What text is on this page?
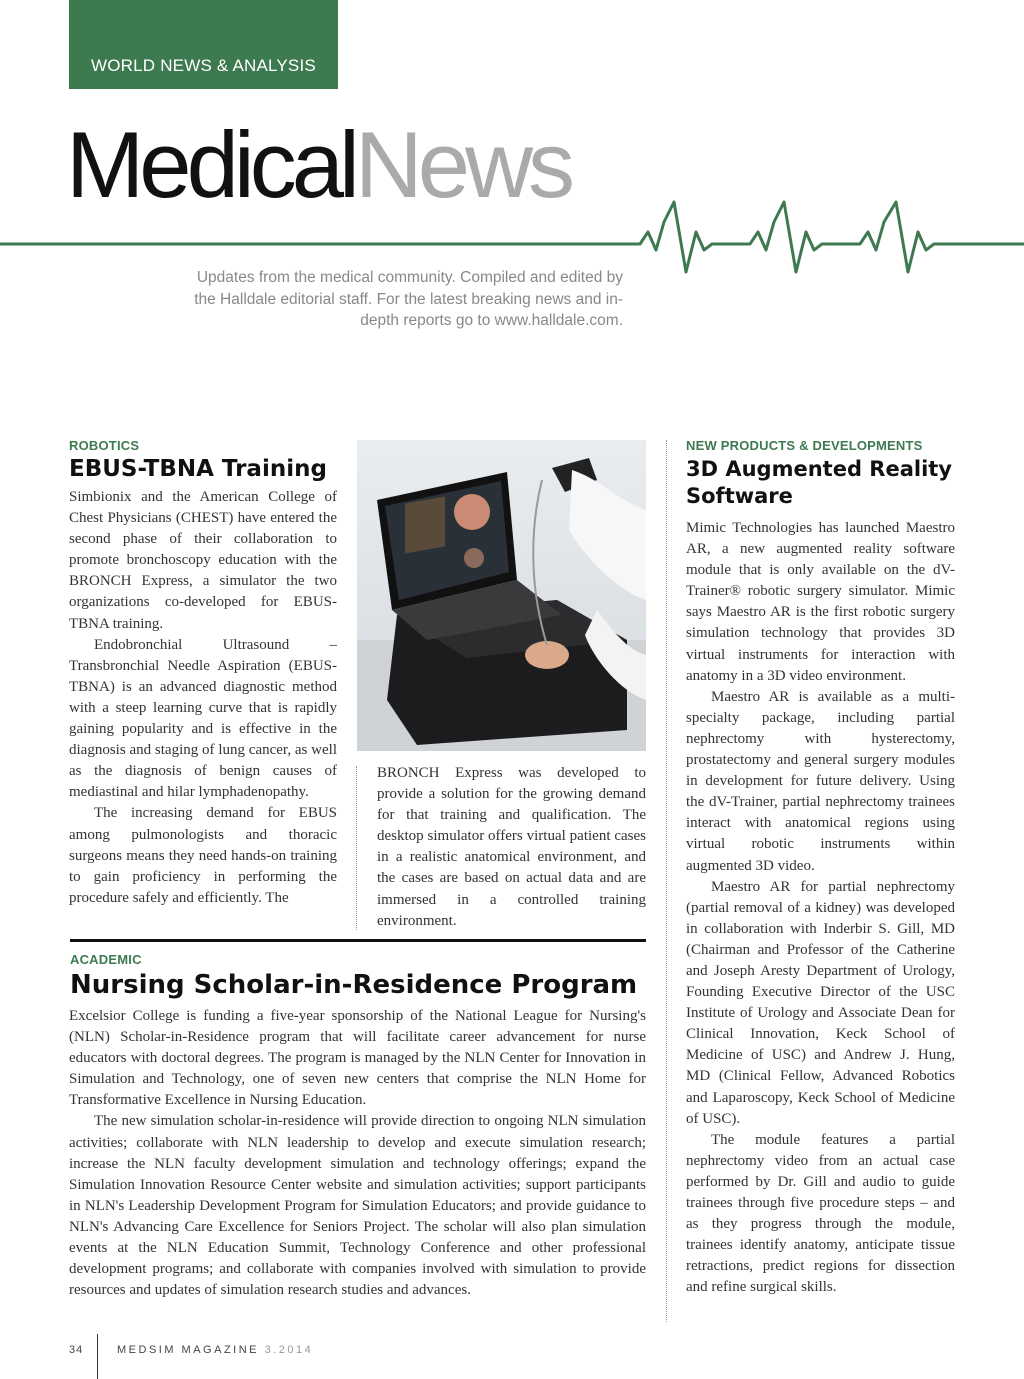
WORLD NEWS & ANALYSIS
MedicalNews
Updates from the medical community. Compiled and edited by the Halldale editorial staff. For the latest breaking news and in-depth reports go to www.halldale.com.
ROBOTICS
EBUS-TBNA Training

Simbionix and the American College of Chest Physicians (CHEST) have entered the second phase of their collaboration to promote bronchoscopy education with the BRONCH Express, a simulator the two organizations co-developed for EBUS-TBNA training.

Endobronchial Ultrasound – Transbronchial Needle Aspiration (EBUS-TBNA) is an advanced diagnostic method with a steep learning curve that is rapidly gaining popularity and is effective in the diagnosis and staging of lung cancer, as well as the diagnosis of benign causes of mediastinal and hilar lymphadenopathy.

The increasing demand for EBUS among pulmonologists and thoracic surgeons means they need hands-on training to gain proficiency in performing the procedure safely and efficiently. The

BRONCH Express was developed to provide a solution for the growing demand for that training and qualification. The desktop simulator offers virtual patient cases in a realistic anatomical environment, and the cases are based on actual data and are immersed in a controlled training environment.

ACADEMIC
Nursing Scholar-in-Residence Program

Excelsior College is funding a five-year sponsorship of the National League for Nursing's (NLN) Scholar-in-Residence program that will facilitate career advancement for nurse educators with doctoral degrees. The program is managed by the NLN Center for Innovation in Simulation and Technology, one of seven new centers that comprise the NLN Home for Transformative Excellence in Nursing Education.

The new simulation scholar-in-residence will provide direction to ongoing NLN simulation activities; collaborate with NLN leadership to develop and execute simulation research; increase the NLN faculty development simulation and technology offerings; expand the Simulation Innovation Resource Center website and simulation activities; support participants in NLN's Leadership Development Program for Simulation Educators; and provide guidance to NLN's Advancing Care Excellence for Seniors Project. The scholar will also plan simulation events at the NLN Education Summit, Technology Conference and other professional development programs; and collaborate with companies involved with simulation to provide resources and updates of simulation research studies and advances.

NEW PRODUCTS & DEVELOPMENTS
3D Augmented Reality Software

Mimic Technologies has launched Maestro AR, a new augmented reality software module that is only available on the dV-Trainer® robotic surgery simulator. Mimic says Maestro AR is the first robotic surgery simulation technology that provides 3D virtual instruments for interaction with anatomy in a 3D video environment.

Maestro AR is available as a multi-specialty package, including partial nephrectomy with hysterectomy, prostatectomy and general surgery modules in development for future delivery. Using the dV-Trainer, partial nephrectomy trainees interact with anatomical regions using virtual robotic instruments within augmented 3D video.

Maestro AR for partial nephrectomy (partial removal of a kidney) was developed in collaboration with Inderbir S. Gill, MD (Chairman and Professor of the Catherine and Joseph Aresty Department of Urology, Founding Executive Director of the USC Institute of Urology and Associate Dean for Clinical Innovation, Keck School of Medicine of USC) and Andrew J. Hung, MD (Clinical Fellow, Advanced Robotics and Laparoscopy, Keck School of Medicine of USC).

The module features a partial nephrectomy video from an actual case performed by Dr. Gill and audio to guide trainees through five procedure steps – and as they progress through the module, trainees identify anatomy, anticipate tissue retractions, predict regions for dissection and refine surgical skills.

34	MEDSIM MAGAZINE 3.2014
